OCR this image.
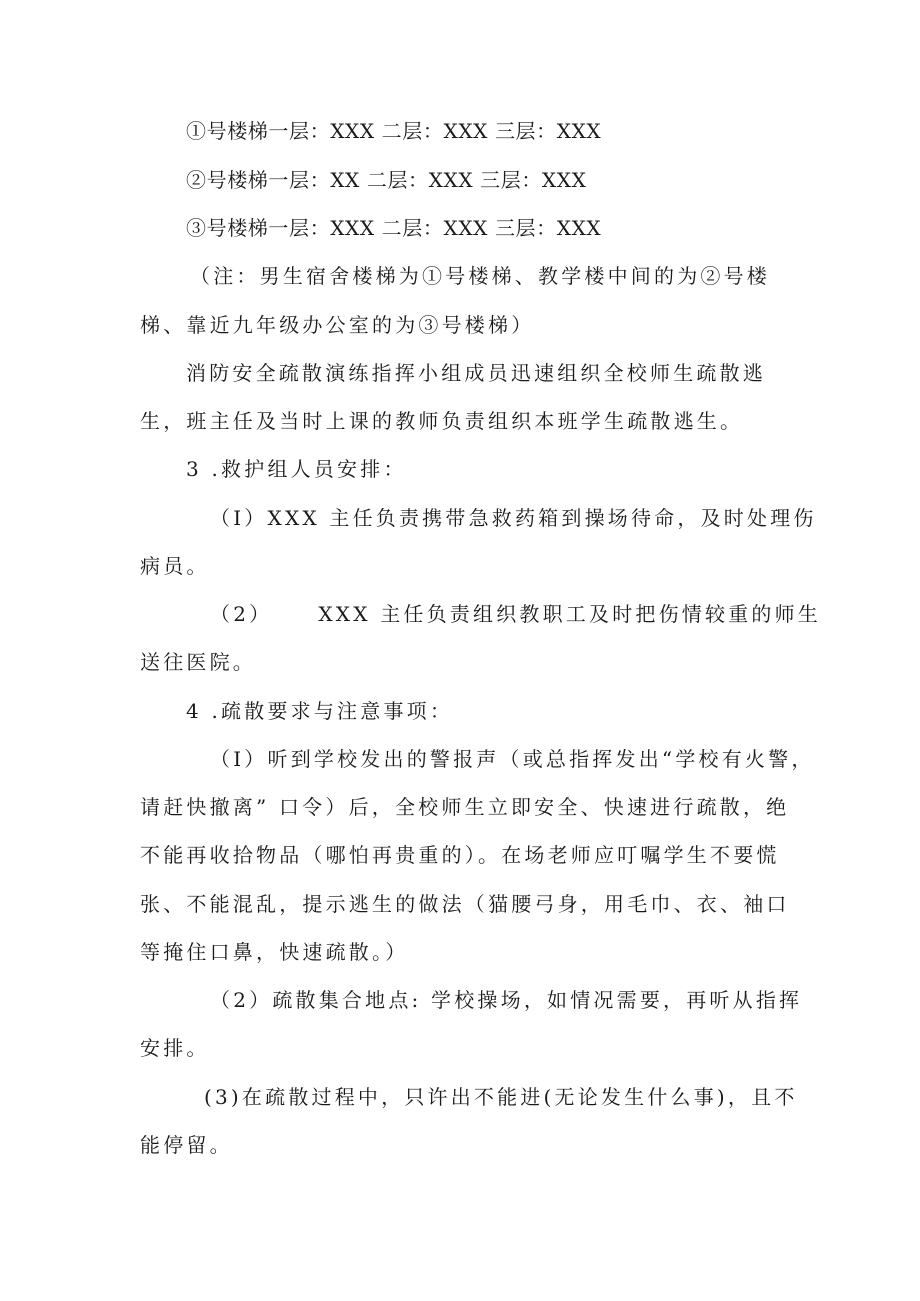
①号楼梯一层：XXX 二层：XXX 三层：XXX
②号楼梯一层：XX 二层：XXX 三层：XXX
③号楼梯一层：XXX 二层：XXX 三层：XXX
（注：男生宿舍楼梯为①号楼梯、教学楼中间的为②号楼
梯、靠近九年级办公室的为③号楼梯）
消防安全疏散演练指挥小组成员迅速组织全校师生疏散逃
生，班主任及当时上课的教师负责组织本班学生疏散逃生。
3 .救护组人员安排：
（I）XXX 主任负责携带急救药箱到操场待命，及时处理伤
病员。
（2） XXX 主任负责组织教职工及时把伤情较重的师生
送往医院。
4 .疏散要求与注意事项：
（I）听到学校发出的警报声（或总指挥发出“学校有火警，
请赶快撤离” 口令）后，全校师生立即安全、快速进行疏散，绝
不能再收拾物品（哪怕再贵重的）。在场老师应叮嘱学生不要慌
张、不能混乱，提示逃生的做法（猫腰弓身，用毛巾、衣、袖口
等掩住口鼻，快速疏散。）
（2）疏散集合地点: 学校操场，如情况需要，再听从指挥
安排。
(3)在疏散过程中，只许出不能进(无论发生什么事)，且不
能停留。
